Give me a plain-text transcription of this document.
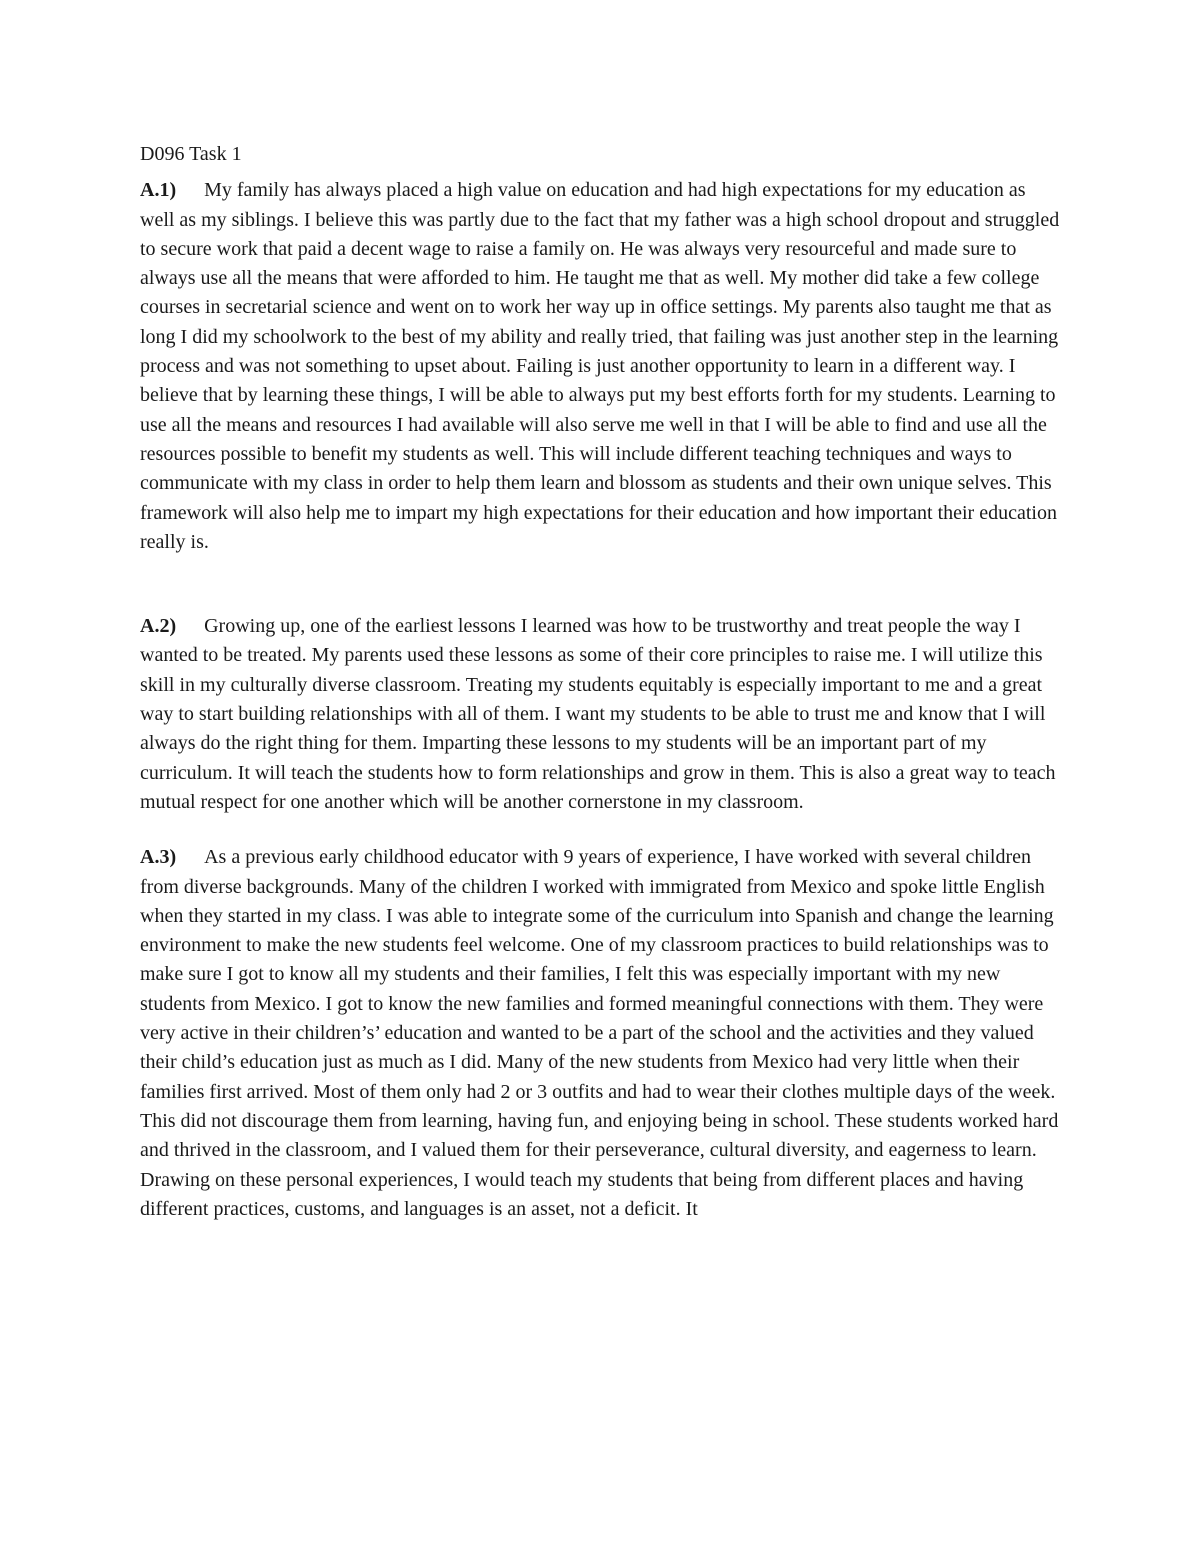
D096 Task 1

A.1) My family has always placed a high value on education and had high expectations for my education as well as my siblings. I believe this was partly due to the fact that my father was a high school dropout and struggled to secure work that paid a decent wage to raise a family on. He was always very resourceful and made sure to always use all the means that were afforded to him. He taught me that as well. My mother did take a few college courses in secretarial science and went on to work her way up in office settings. My parents also taught me that as long I did my schoolwork to the best of my ability and really tried, that failing was just another step in the learning process and was not something to upset about. Failing is just another opportunity to learn in a different way. I believe that by learning these things, I will be able to always put my best efforts forth for my students. Learning to use all the means and resources I had available will also serve me well in that I will be able to find and use all the resources possible to benefit my students as well. This will include different teaching techniques and ways to communicate with my class in order to help them learn and blossom as students and their own unique selves. This framework will also help me to impart my high expectations for their education and how important their education really is.

A.2) Growing up, one of the earliest lessons I learned was how to be trustworthy and treat people the way I wanted to be treated. My parents used these lessons as some of their core principles to raise me. I will utilize this skill in my culturally diverse classroom. Treating my students equitably is especially important to me and a great way to start building relationships with all of them. I want my students to be able to trust me and know that I will always do the right thing for them. Imparting these lessons to my students will be an important part of my curriculum. It will teach the students how to form relationships and grow in them. This is also a great way to teach mutual respect for one another which will be another cornerstone in my classroom.

A.3) As a previous early childhood educator with 9 years of experience, I have worked with several children from diverse backgrounds. Many of the children I worked with immigrated from Mexico and spoke little English when they started in my class. I was able to integrate some of the curriculum into Spanish and change the learning environment to make the new students feel welcome. One of my classroom practices to build relationships was to make sure I got to know all my students and their families, I felt this was especially important with my new students from Mexico. I got to know the new families and formed meaningful connections with them. They were very active in their children’s’ education and wanted to be a part of the school and the activities and they valued their child’s education just as much as I did. Many of the new students from Mexico had very little when their families first arrived. Most of them only had 2 or 3 outfits and had to wear their clothes multiple days of the week. This did not discourage them from learning, having fun, and enjoying being in school. These students worked hard and thrived in the classroom, and I valued them for their perseverance, cultural diversity, and eagerness to learn. Drawing on these personal experiences, I would teach my students that being from different places and having different practices, customs, and languages is an asset, not a deficit. It
